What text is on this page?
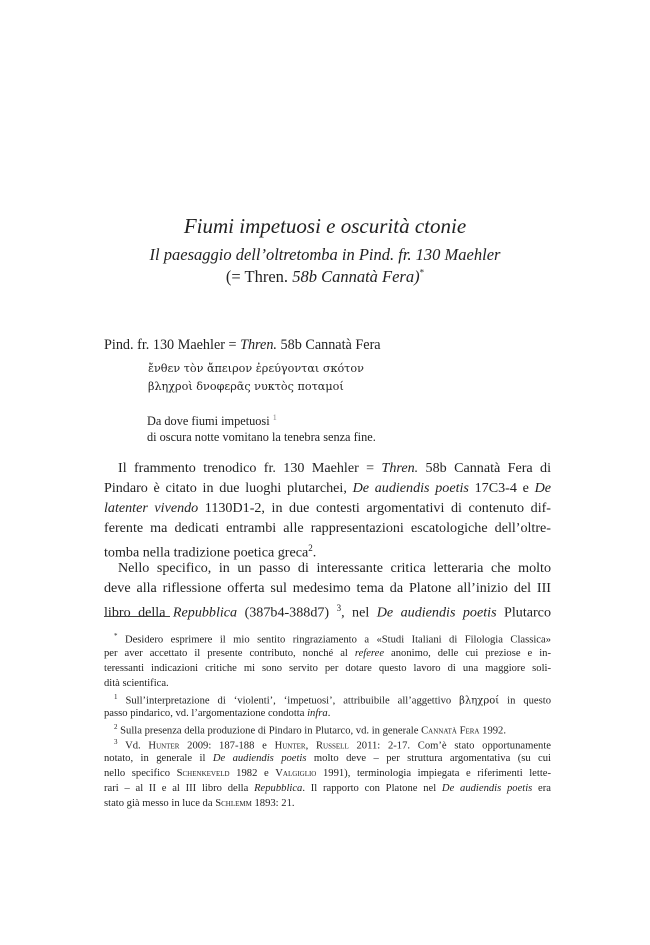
Fiumi impetuosi e oscurità ctonie
Il paesaggio dell’oltretomba in Pind. fr. 130 Maehler
(= Thren. 58b Cannatà Fera)*
Pind. fr. 130 Maehler = Thren. 58b Cannatà Fera
ἔνθεν τὸν ἄπειρον ἐρεύγονται σκότον
βληχροὶ δνοφερᾶς νυκτὸς ποταμοί
Da dove fiumi impetuosi $^1$
di oscura notte vomitano la tenebra senza fine.
Il frammento trenodico fr. 130 Maehler = Thren. 58b Cannatà Fera di
Pindaro è citato in due luoghi plutarchei, De audiendis poetis 17C3-4 e De
latenter vivendo 1130D1-2, in due contesti argomentativi di contenuto dif-
ferente ma dedicati entrambi alle rappresentazioni escatologiche dell’oltre-
tomba nella tradizione poetica greca$^2$.
Nello specifico, in un passo di interessante critica letteraria che molto
deve alla riflessione offerta sul medesimo tema da Platone all’inizio del III
libro della Repubblica (387b4-388d7) $^3$, nel De audiendis poetis Plutarco
* Desidero esprimere il mio sentito ringraziamento a «Studi Italiani di Filologia Classica»
per aver accettato il presente contributo, nonché al referee anonimo, delle cui preziose e in-
teressanti indicazioni critiche mi sono servito per dotare questo lavoro di una maggiore soli-
dità scientifica.
$^1$ Sull’interpretazione di ‘violenti’, ‘impetuosi’, attribuibile all’aggettivo βληχροί in questo
passo pindarico, vd. l’argomentazione condotta infra.
$^2$ Sulla presenza della produzione di Pindaro in Plutarco, vd. in generale Cannatà Fera 1992.
$^3$ Vd. Hunter 2009: 187-188 e Hunter, Russell 2011: 2-17. Com’è stato opportunamente
notato, in generale il De audiendis poetis molto deve – per struttura argomentativa (su cui
nello specifico Schenkeveld 1982 e Valgiglio 1991), terminologia impiegata e riferimenti lette-
rari – al II e al III libro della Repubblica. Il rapporto con Platone nel De audiendis poetis era
stato già messo in luce da Schlemm 1893: 21.
